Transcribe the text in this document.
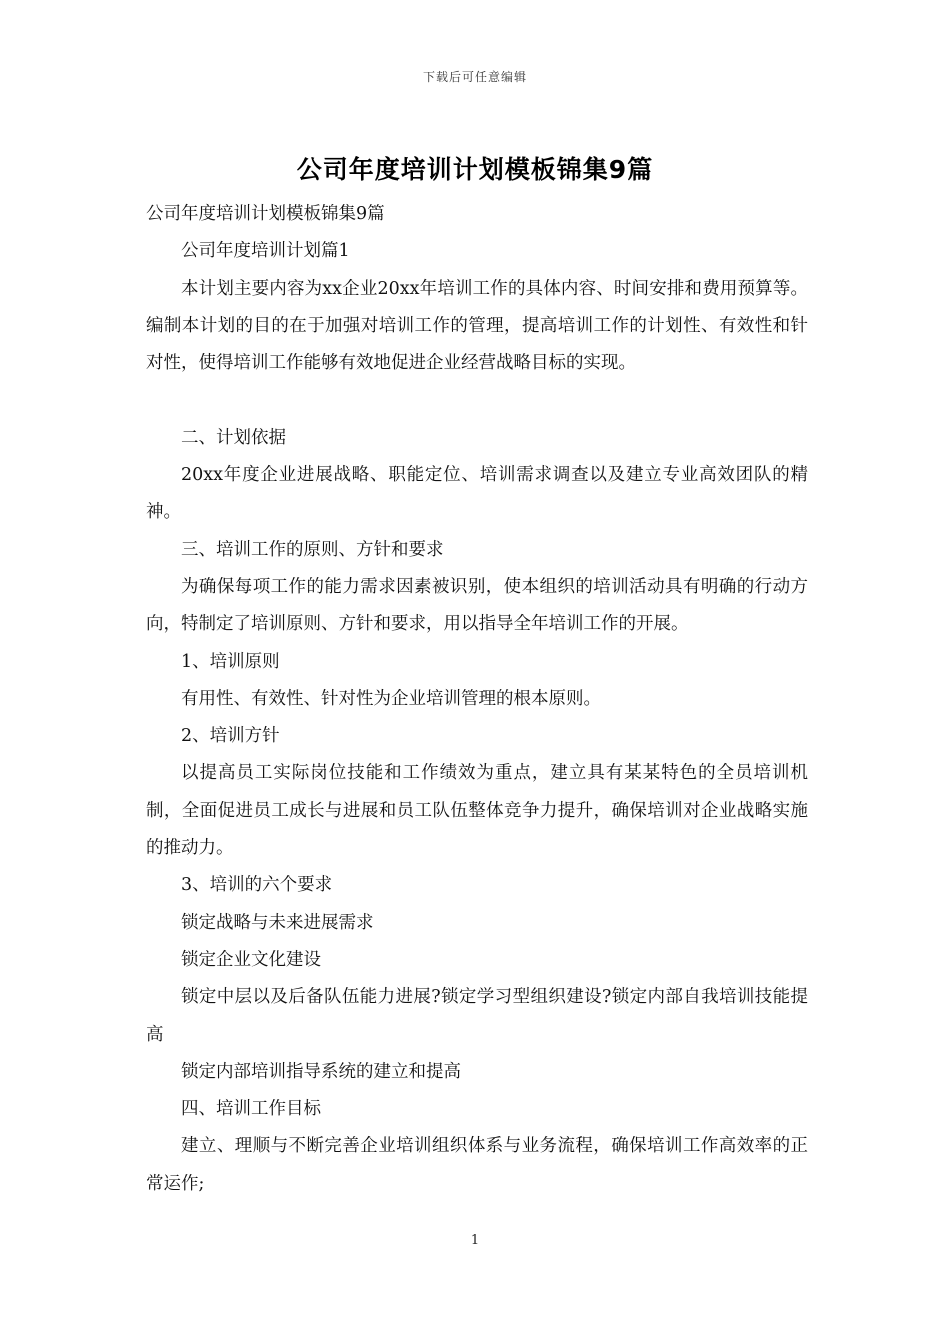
下载后可任意编辑
公司年度培训计划模板锦集9篇

公司年度培训计划模板锦集9篇

公司年度培训计划篇1

本计划主要内容为xx企业20xx年培训工作的具体内容、时间安排和费用预算等。编制本计划的目的在于加强对培训工作的管理，提高培训工作的计划性、有效性和针对性，使得培训工作能够有效地促进企业经营战略目标的实现。

二、计划依据

20xx年度企业进展战略、职能定位、培训需求调查以及建立专业高效团队的精神。

三、培训工作的原则、方针和要求

为确保每项工作的能力需求因素被识别，使本组织的培训活动具有明确的行动方向，特制定了培训原则、方针和要求，用以指导全年培训工作的开展。

1、培训原则

有用性、有效性、针对性为企业培训管理的根本原则。

2、培训方针

以提高员工实际岗位技能和工作绩效为重点，建立具有某某特色的全员培训机制，全面促进员工成长与进展和员工队伍整体竞争力提升，确保培训对企业战略实施的推动力。

3、培训的六个要求

锁定战略与未来进展需求

锁定企业文化建设

锁定中层以及后备队伍能力进展?锁定学习型组织建设?锁定内部自我培训技能提高

锁定内部培训指导系统的建立和提高

四、培训工作目标

建立、理顺与不断完善企业培训组织体系与业务流程，确保培训工作高效率的正常运作;

1
